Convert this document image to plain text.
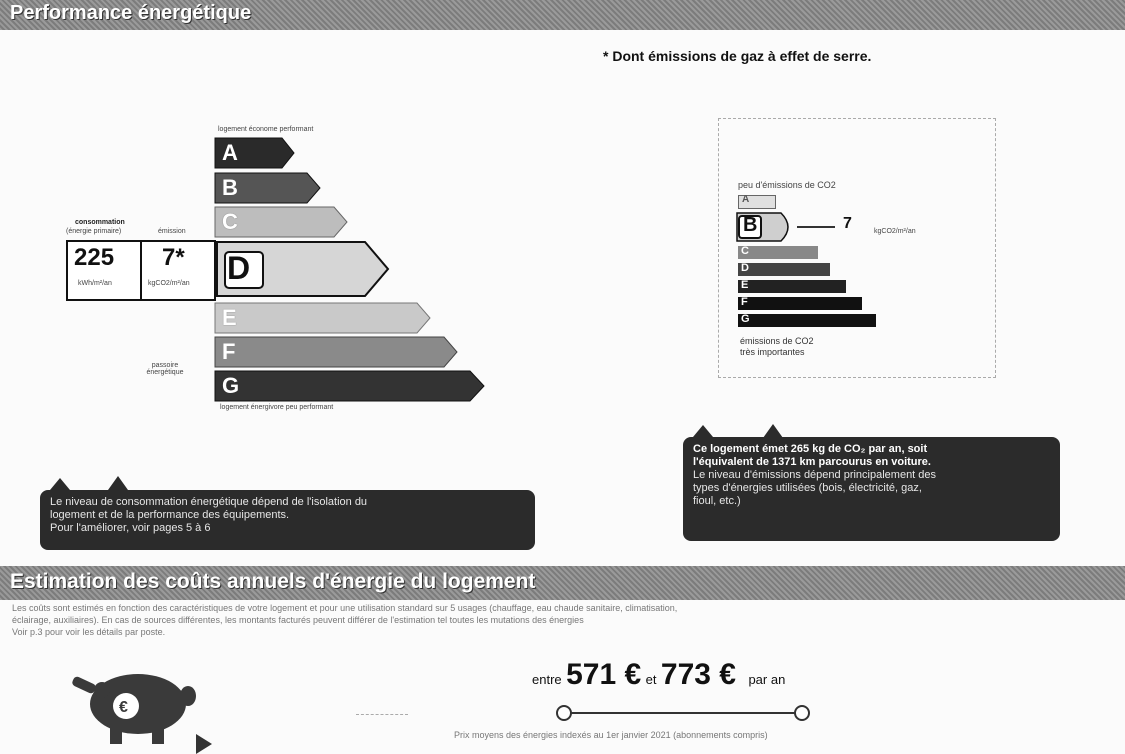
Performance énergétique
* Dont émissions de gaz à effet de serre.
logement économe performant
A
B
C
E
F
G
D
consommation
(énergie primaire)	émission
225
kWh/m²/an
7*
kgCO2/m²/an
passoire énergétique
logement énergivore peu performant
Le niveau de consommation énergétique dépend de l'isolation du
logement et de la performance des équipements.
Pour l'améliorer, voir pages 5 à 6
peu d'émissions de CO2
A
B	7	kgCO2/m²/an
C
D
E
F
G
émissions de CO2
très importantes
Ce logement émet 265 kg de CO₂ par an, soit
l'équivalent de 1371 km parcourus en voiture.
Le niveau d'émissions dépend principalement des
types d'énergies utilisées (bois, électricité, gaz,
fioul, etc.)
Estimation des coûts annuels d'énergie du logement
Les coûts sont estimés en fonction des caractéristiques de votre logement et pour une utilisation standard sur 5 usages (chauffage, eau chaude sanitaire, climatisation,
éclairage, auxiliaires). En cas de sources différentes, les montants facturés peuvent différer de l'estimation tel toutes les mutations des énergies
Voir p.3 pour voir les détails par poste.
€
entre 571 € et 773 € par an
Prix moyens des énergies indexés au 1er janvier 2021 (abonnements compris)
